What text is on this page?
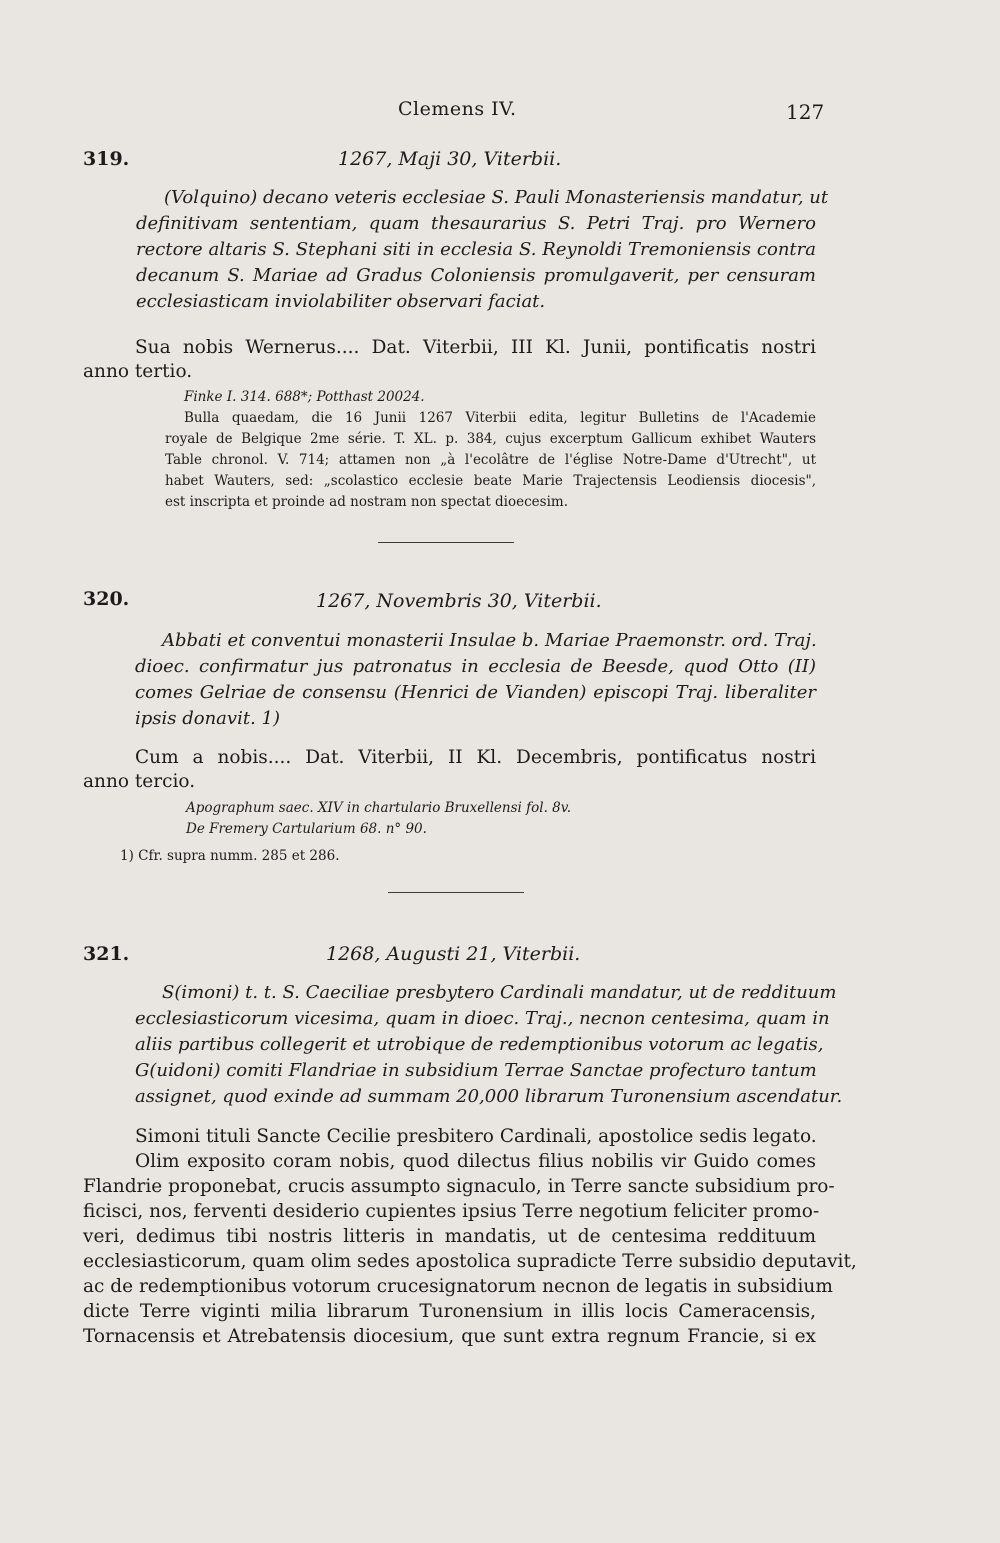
Clemens IV.	127
319.	1267, Maji 30, Viterbii.
(Volquino) decano veteris ecclesiae S. Pauli Monasteriensis mandatur, ut
definitivam sententiam, quam thesaurarius S. Petri Traj. pro Wernero
rectore altaris S. Stephani siti in ecclesia S. Reynoldi Tremoniensis contra
decanum S. Mariae ad Gradus Coloniensis promulgaverit, per censuram
ecclesiasticam inviolabiliter observari faciat.
Sua nobis Wernerus.... Dat. Viterbii, III Kl. Junii, pontificatis nostri
anno tertio.
Finke I. 314. 688*; Potthast 20024.
Bulla quaedam, die 16 Junii 1267 Viterbii edita, legitur Bulletins de l'Academie
royale de Belgique 2me série. T. XL. p. 384, cujus excerptum Gallicum exhibet Wauters
Table chronol. V. 714; attamen non „à l'ecolâtre de l'église Notre-Dame d'Utrecht", ut
habet Wauters, sed: „scolastico ecclesie beate Marie Trajectensis Leodiensis diocesis",
est inscripta et proinde ad nostram non spectat dioecesim.
320.	1267, Novembris 30, Viterbii.
Abbati et conventui monasterii Insulae b. Mariae Praemonstr. ord. Traj.
dioec. confirmatur jus patronatus in ecclesia de Beesde, quod Otto (II)
comes Gelriae de consensu (Henrici de Vianden) episcopi Traj. liberaliter
ipsis donavit. 1)
Cum a nobis.... Dat. Viterbii, II Kl. Decembris, pontificatus nostri
anno tercio.
Apographum saec. XIV in chartulario Bruxellensi fol. 8v.
De Fremery Cartularium 68. n° 90.
1) Cfr. supra numm. 285 et 286.
321.	1268, Augusti 21, Viterbii.
S(imoni) t. t. S. Caeciliae presbytero Cardinali mandatur, ut de reddituum
ecclesiasticorum vicesima, quam in dioec. Traj., necnon centesima, quam in
aliis partibus collegerit et utrobique de redemptionibus votorum ac legatis,
G(uidoni) comiti Flandriae in subsidium Terrae Sanctae profecturo tantum
assignet, quod exinde ad summam 20,000 librarum Turonensium ascendatur.
Simoni tituli Sancte Cecilie presbitero Cardinali, apostolice sedis legato.
Olim exposito coram nobis, quod dilectus filius nobilis vir Guido comes
Flandrie proponebat, crucis assumpto signaculo, in Terre sancte subsidium pro-
ficisci, nos, ferventi desiderio cupientes ipsius Terre negotium feliciter promo-
veri, dedimus tibi nostris litteris in mandatis, ut de centesima reddituum
ecclesiasticorum, quam olim sedes apostolica supradicte Terre subsidio deputavit,
ac de redemptionibus votorum crucesignatorum necnon de legatis in subsidium
dicte Terre viginti milia librarum Turonensium in illis locis Cameracensis,
Tornacensis et Atrebatensis diocesium, que sunt extra regnum Francie, si ex
